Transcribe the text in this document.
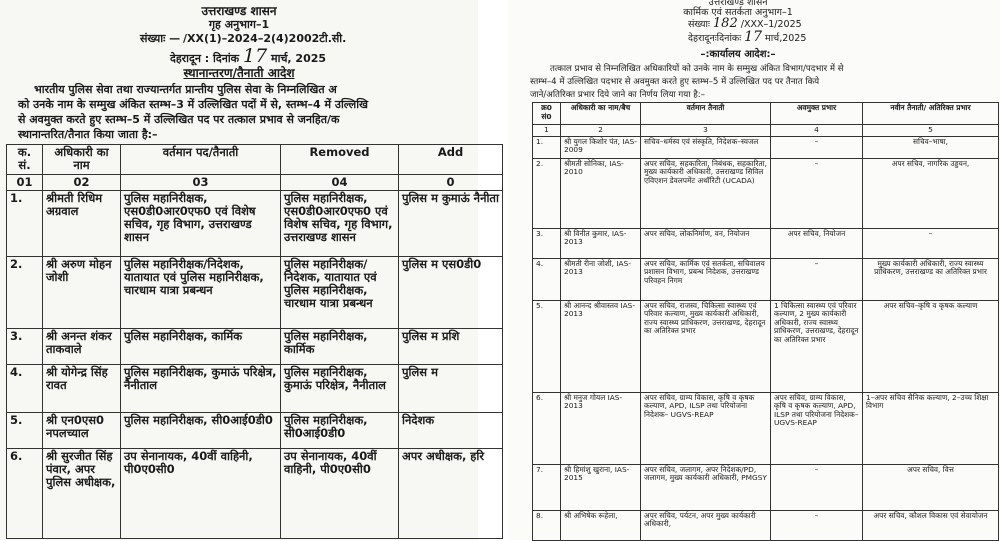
उत्तराखण्ड शासन
गृह अनुभाग–1
संख्याः — /XX(1)–2024–2(4)2002टी.सी.
देहरादून : दिनांक 17 मार्च, 2025
स्थानान्तरण/तैनाती आदेश
भारतीय पुलिस सेवा तथा राज्यान्तर्गत प्रान्तीय पुलिस सेवा के निम्नलिखित अ
को उनके नाम के सम्मुख अंकित स्तम्भ–3 में उल्लिखित पदों में से, स्तम्भ–4 में उल्लिखि
से अवमुक्त करते हुए स्तम्भ–5 में उल्लिखित पद पर तत्काल प्रभाव से जनहित/क
स्थानान्तरित/तैनात किया जाता है:–
क. सं.	अधिकारी का नाम	वर्तमान पद/तैनाती	Removed	Add
01	02	03	04	0
1.	श्रीमती रिधिम अग्रवाल	पुलिस महानिरीक्षक, एस0डी0आर0एफ0 एवं विशेष सचिव, गृह विभाग, उत्तराखण्ड शासन	पुलिस महानिरीक्षक, एस0डी0आर0एफ0 एवं विशेष सचिव, गृह विभाग, उत्तराखण्ड शासन	पुलिस म कुमाऊं नैनीता
2.	श्री अरुण मोहन जोशी	पुलिस महानिरीक्षक/निदेशक, यातायात एवं पुलिस महानिरीक्षक, चारधाम यात्रा प्रबन्धन	पुलिस महानिरीक्षक/निदेशक, यातायात एवं पुलिस महानिरीक्षक, चारधाम यात्रा प्रबन्धन	पुलिस म एस0डी0
3.	श्री अनन्त शंकर ताकवाले	पुलिस महानिरीक्षक, कार्मिक	पुलिस महानिरीक्षक, कार्मिक	पुलिस म प्रशि
4.	श्री योगेन्द्र सिंह रावत	पुलिस महानिरीक्षक, कुमाऊं परिक्षेत्र, नैनीताल	पुलिस महानिरीक्षक, कुमाऊं परिक्षेत्र, नैनीताल	पुलिस म
5.	श्री एन0एस0 नपलच्याल	पुलिस महानिरीक्षक, सी0आई0डी0	पुलिस महानिरीक्षक, सी0आई0डी0	निदेशक
6.	श्री सुरजीत सिंह पंवार, अपर पुलिस अधीक्षक,	उप सेनानायक, 40वीं वाहिनी, पी0ए0सी0	उप सेनानायक, 40वीं वाहिनी, पी0ए0सी0	अपर अधीक्षक, हरि
उत्तराखण्ड शासन
कार्मिक एवं सतर्कता अनुभाग–1
संख्याः 182 /XXX–1/2025
देहरादूनःदिनांकः 17 मार्च,2025
–:कार्यालय आदेश:–
तत्काल प्रभाव से निम्नलिखित अधिकारियों को उनके नाम के सम्मुख अंकित विभाग/पदभार में से
स्तम्भ–4 में उल्लिखित पदभार से अवमुक्त करते हुए स्तम्भ–5 में उल्लिखित पद पर तैनात किये
जाने/अतिरिक्त प्रभार दिये जाने का निर्णय लिया गया है:–
क्र0 सं0	अधिकारी का नाम/बैच	वर्तमान तैनाती	अवमुक्त प्रभार	नवीन तैनाती/ अतिरिक्त प्रभार
1	2	3	4	5
1.	श्री युगल किशोर पंत, IAS-2009	सचिव–धर्मस्व एवं संस्कृति, निदेशक–स्वजल	–	सचिव–भाषा,
2.	श्रीमती सोनिका, IAS-2010	अपर सचिव, सहकारिता, निबंधक, सहकारिता, मुख्य कार्यकारी अधिकारी, उत्तराखण्ड सिविल एविएशन डेवलपमेंट अथॉरिटी (UCADA)	–	अपर सचिव, नागरिक उड्डयन,
3.	श्री विनीत कुमार, IAS-2013	अपर सचिव, लोकनिर्माण, वन, नियोजन	अपर सचिव, नियोजन	–
4.	श्रीमती रीना जोशी, IAS-2013	अपर सचिव, कार्मिक एवं सतर्कता, सचिवालय प्रशासन विभाग, प्रबन्ध निदेशक, उत्तराखण्ड परिवहन निगम	–	मुख्य कार्यकारी अधिकारी, राज्य स्वास्थ्य प्राधिकरण, उत्तराखण्ड का अतिरिक्त प्रभार
5.	श्री आनन्द श्रीवास्तव IAS-2013	अपर सचिव, राजस्व, चिकित्सा स्वास्थ्य एवं परिवार कल्याण, मुख्य कार्यकारी अधिकारी, राज्य स्वास्थ्य प्राधिकरण, उत्तराखण्ड, देहरादून का अतिरिक्त प्रभार	1 चिकित्सा स्वास्थ्य एवं परिवार कल्याण, 2 मुख्य कार्यकारी अधिकारी, राज्य स्वास्थ्य प्राधिकरण, उत्तराखण्ड, देहरादून का अतिरिक्त प्रभार	अपर सचिव–कृषि व कृषक कल्याण
6.	श्री मनुज गोयल IAS-2013	अपर सचिव, ग्राम्य विकास, कृषि व कृषक कल्याण, APD, ILSP तथा परियोजना निदेशक– UGVS-REAP	अपर सचिव, ग्राम्य विकास, कृषि व कृषक कल्याण, APD, ILSP तथा परियोजना निदेशक– UGVS-REAP	1–अपर सचिव सैनिक कल्याण, 2–उच्च शिक्षा विभाग
7.	श्री हिमांशु खुराना, IAS-2015	अपर सचिव, जलागम, अपर निदेशक/PD, जलागम, मुख्य कार्यकारी अधिकारी, PMGSY	–	अपर सचिव, वित्त
8.	श्री अभिषेक रूहेला,	अपर सचिव, पर्यटन, अपर मुख्य कार्यकारी अधिकारी,	–	अपर सचिव, कौशल विकास एवं सेवायोजन
